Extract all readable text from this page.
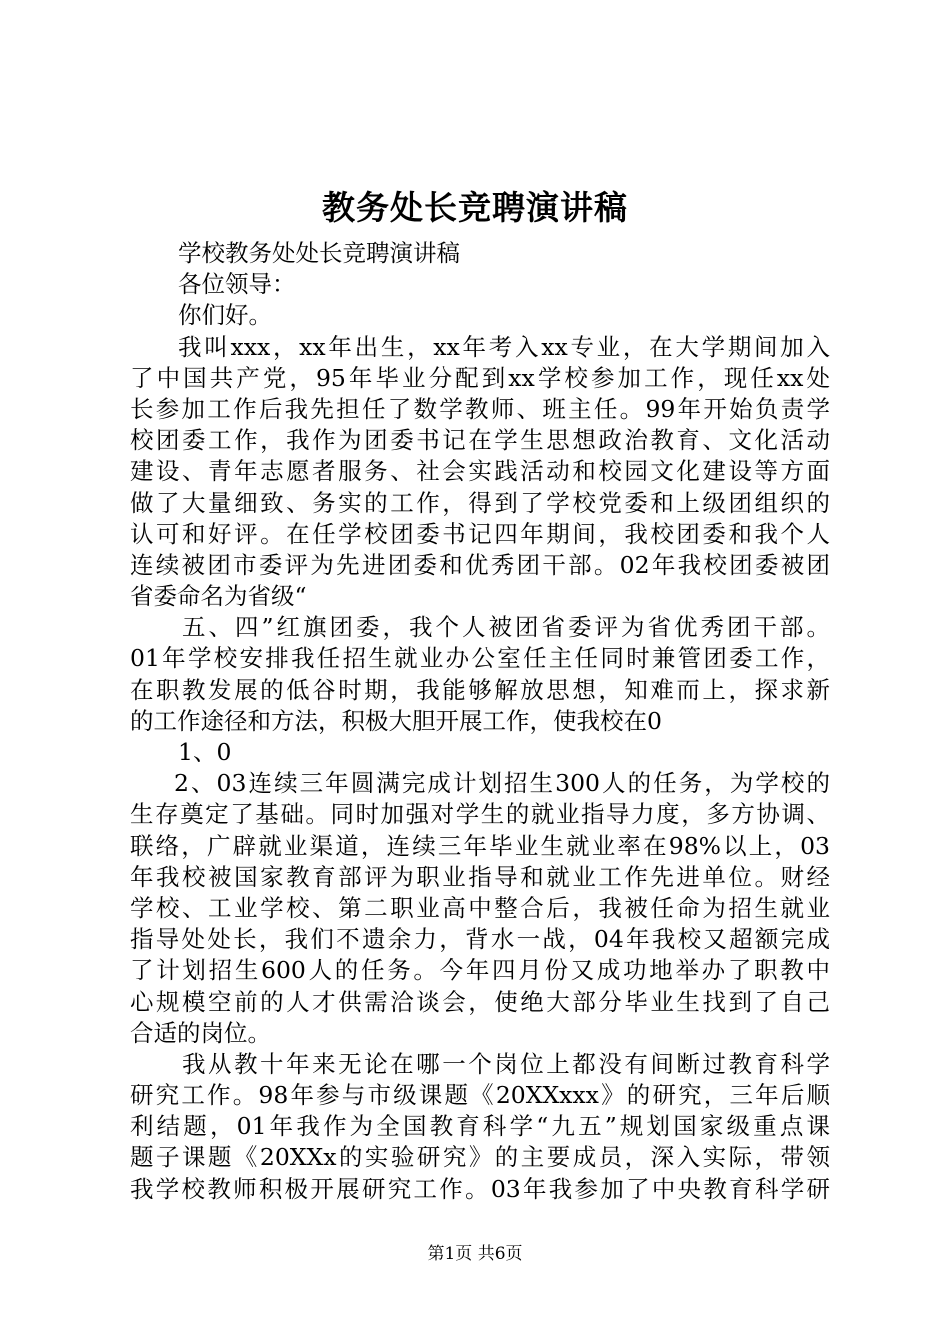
教务处长竞聘演讲稿
学校教务处处长竞聘演讲稿
各位领导：
你们好。
我叫xxx，xx年出生，xx年考入xx专业，在大学期间加入
了中国共产党，95年毕业分配到xx学校参加工作，现任xx处
长参加工作后我先担任了数学教师、班主任。99年开始负责学
校团委工作，我作为团委书记在学生思想政治教育、文化活动
建设、青年志愿者服务、社会实践活动和校园文化建设等方面
做了大量细致、务实的工作，得到了学校党委和上级团组织的
认可和好评。在任学校团委书记四年期间，我校团委和我个人
连续被团市委评为先进团委和优秀团干部。02年我校团委被团
省委命名为省级“
五、四”红旗团委，我个人被团省委评为省优秀团干部。
01年学校安排我任招生就业办公室任主任同时兼管团委工作，
在职教发展的低谷时期，我能够解放思想，知难而上，探求新
的工作途径和方法，积极大胆开展工作，使我校在0
1、0
2、03连续三年圆满完成计划招生300人的任务，为学校的
生存奠定了基础。同时加强对学生的就业指导力度，多方协调、
联络，广辟就业渠道，连续三年毕业生就业率在98%以上，03
年我校被国家教育部评为职业指导和就业工作先进单位。财经
学校、工业学校、第二职业高中整合后，我被任命为招生就业
指导处处长，我们不遗余力，背水一战，04年我校又超额完成
了计划招生600人的任务。今年四月份又成功地举办了职教中
心规模空前的人才供需洽谈会，使绝大部分毕业生找到了自己
合适的岗位。
我从教十年来无论在哪一个岗位上都没有间断过教育科学
研究工作。98年参与市级课题《20XXxxx》的研究，三年后顺
利结题，01年我作为全国教育科学“九五”规划国家级重点课
题子课题《20XXx的实验研究》的主要成员，深入实际，带领
我学校教师积极开展研究工作。03年我参加了中央教育科学研
第1页 共6页
